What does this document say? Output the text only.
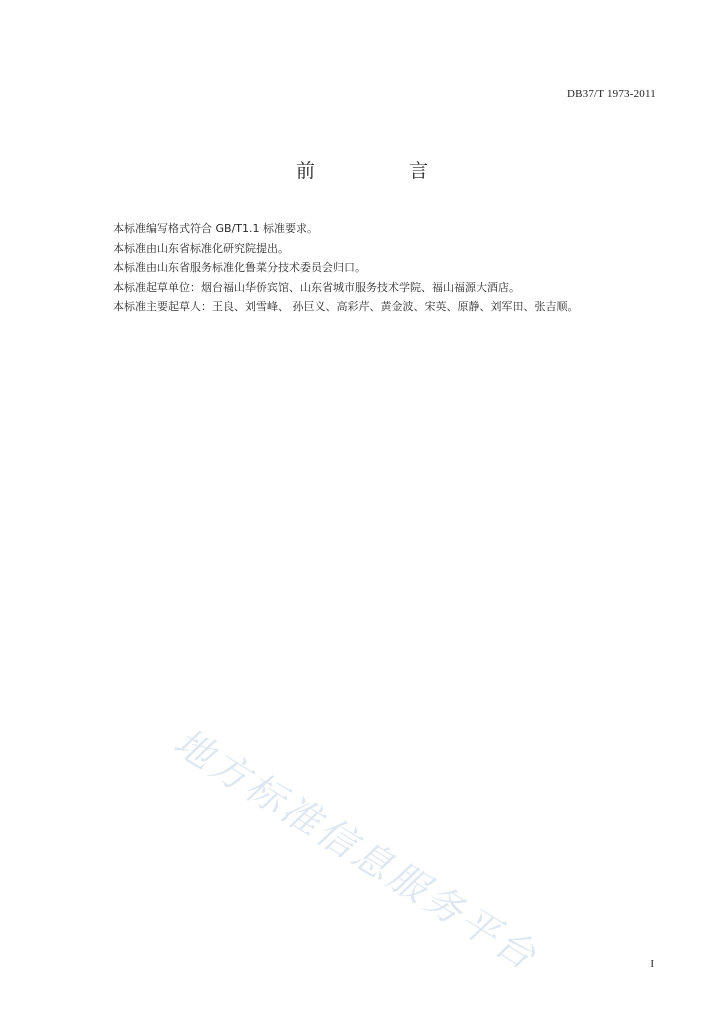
DB37/T 1973-2011
前 言
本标准编写格式符合 GB/T1.1 标准要求。
本标准由山东省标准化研究院提出。
本标准由山东省服务标准化鲁菜分技术委员会归口。
本标准起草单位：烟台福山华侨宾馆、山东省城市服务技术学院、福山福源大酒店。
本标准主要起草人：王良、刘雪峰、 孙巨义、高彩芹、黄金波、宋英、原静、刘军田、张吉顺。
地方标准信息服务平台	I
